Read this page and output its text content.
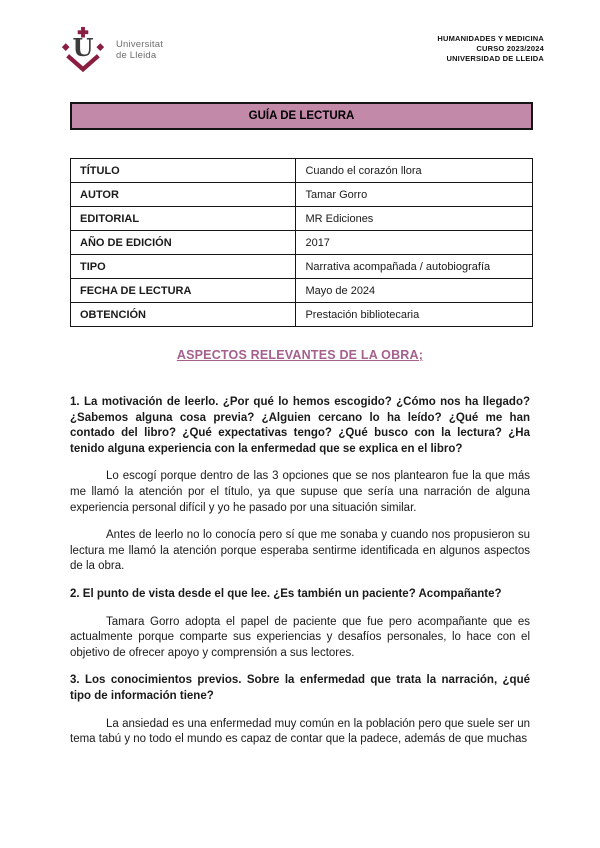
U Universitat
de Lleida
HUMANIDADES Y MEDICINA
CURSO 2023/2024
UNIVERSIDAD DE LLEIDA
GUÍA DE LECTURA
TÍTULO	Cuando el corazón llora
AUTOR	Tamar Gorro
EDITORIAL	MR Ediciones
AÑO DE EDICIÓN	2017
TIPO	Narrativa acompañada / autobiografía
FECHA DE LECTURA	Mayo de 2024
OBTENCIÓN	Prestación bibliotecaria
ASPECTOS RELEVANTES DE LA OBRA;
1. La motivación de leerlo. ¿Por qué lo hemos escogido? ¿Cómo nos ha llegado? ¿Sabemos alguna cosa previa? ¿Alguien cercano lo ha leído? ¿Qué me han contado del libro? ¿Qué expectativas tengo? ¿Qué busco con la lectura? ¿Ha tenido alguna experiencia con la enfermedad que se explica en el libro?
Lo escogí porque dentro de las 3 opciones que se nos plantearon fue la que más me llamó la atención por el título, ya que supuse que sería una narración de alguna experiencia personal difícil y yo he pasado por una situación similar.
Antes de leerlo no lo conocía pero sí que me sonaba y cuando nos propusieron su lectura me llamó la atención porque esperaba sentirme identificada en algunos aspectos de la obra.
2. El punto de vista desde el que lee. ¿Es también un paciente? Acompañante?
Tamara Gorro adopta el papel de paciente que fue pero acompañante que es actualmente porque comparte sus experiencias y desafíos personales, lo hace con el objetivo de ofrecer apoyo y comprensión a sus lectores.
3. Los conocimientos previos. Sobre la enfermedad que trata la narración, ¿qué tipo de información tiene?
La ansiedad es una enfermedad muy común en la población pero que suele ser un tema tabú y no todo el mundo es capaz de contar que la padece, además de que muchas
